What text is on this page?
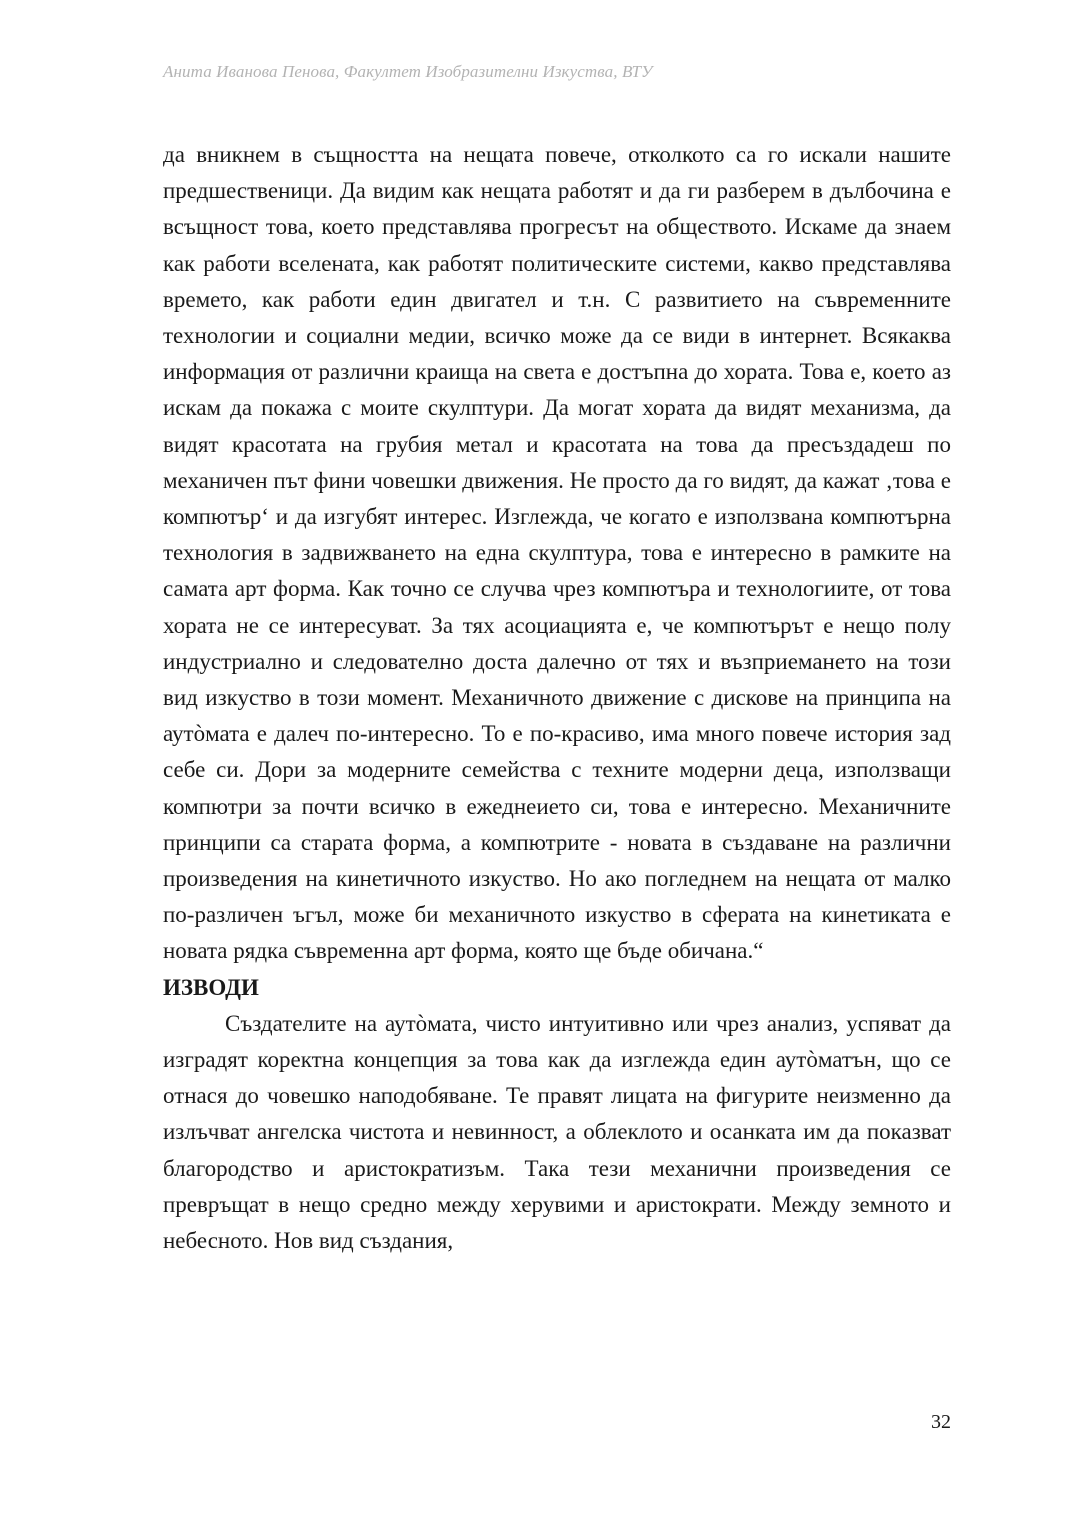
Анита Иванова Пенова, Факултет Изобразителни Изкуства, ВТУ

да вникнем в същността на нещата повече, отколкото са го искали нашите предшественици. Да видим как нещата работят и да ги разберем в дълбочина е всъщност това, което представлява прогресът на обществото. Искаме да знаем как работи вселената, как работят политическите системи, какво представлява времето, как работи един двигател и т.н. С развитието на съвременните технологии и социални медии, всичко може да се види в интернет. Всякаква информация от различни краища на света е достъпна до хората. Това е, което аз искам да покажа с моите скулптури. Да могат хората да видят механизма, да видят красотата на грубия метал и красотата на това да пресъздадеш по механичен път фини човешки движения. Не просто да го видят, да кажат ‚това е компютър‘ и да изгубят интерес. Изглежда, че когато е използвана компютърна технология в задвижването на една скулптура, това е интересно в рамките на самата арт форма. Как точно се случва чрез компютъра и технологиите, от това хората не се интересуват. За тях асоциацията е, че компютърът е нещо полу индустриално и следователно доста далечно от тях и възприемането на този вид изкуство в този момент. Механичното движение с дискове на принципа на аутòмата е далеч по-интересно. То е по-красиво, има много повече история зад себе си. Дори за модерните семейства с техните модерни деца, използващи компютри за почти всичко в ежеднеието си, това е интересно. Механичните принципи са старата форма, а компютрите - новата в създаване на различни произведения на кинетичното изкуство. Но ако погледнем на нещата от малко по-различен ъгъл, може би механичното изкуство в сферата на кинетиката е новата рядка съвременна арт форма, която ще бъде обичана.“

ИЗВОДИ

Създателите на аутòмата, чисто интуитивно или чрез анализ, успяват да изградят коректна концепция за това как да изглежда един аутòматън, що се отнася до човешко наподобяване. Те правят лицата на фигурите неизменно да излъчват ангелска чистота и невинност, а облеклото и осанката им да показват благородство и аристократизъм. Така тези механични произведения се превръщат в нещо средно между херувими и аристократи. Между земното и небесното. Нов вид създания,

32
